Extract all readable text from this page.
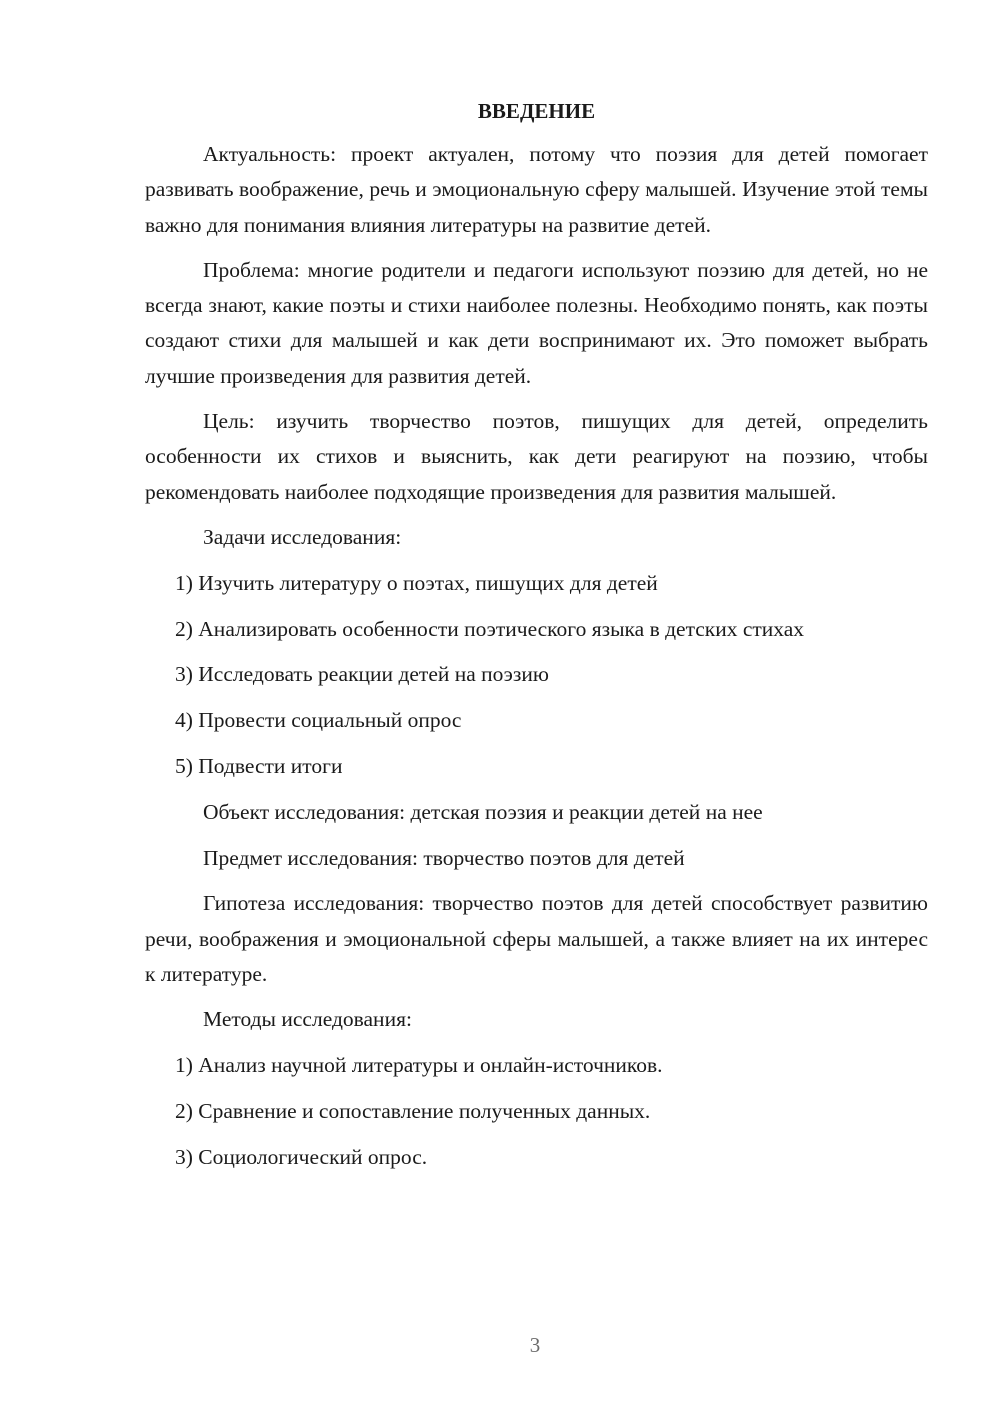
ВВЕДЕНИЕ

Актуальность: проект актуален, потому что поэзия для детей помогает развивать воображение, речь и эмоциональную сферу малышей. Изучение этой темы важно для понимания влияния литературы на развитие детей.

Проблема: многие родители и педагоги используют поэзию для детей, но не всегда знают, какие поэты и стихи наиболее полезны. Необходимо понять, как поэты создают стихи для малышей и как дети воспринимают их. Это поможет выбрать лучшие произведения для развития детей.

Цель: изучить творчество поэтов, пишущих для детей, определить особенности их стихов и выяснить, как дети реагируют на поэзию, чтобы рекомендовать наиболее подходящие произведения для развития малышей.

Задачи исследования:
1) Изучить литературу о поэтах, пишущих для детей
2) Анализировать особенности поэтического языка в детских стихах
3) Исследовать реакции детей на поэзию
4) Провести социальный опрос
5) Подвести итоги
Объект исследования: детская поэзия и реакции детей на нее
Предмет исследования: творчество поэтов для детей

Гипотеза исследования: творчество поэтов для детей способствует развитию речи, воображения и эмоциональной сферы малышей, а также влияет на их интерес к литературе.

Методы исследования:
1) Анализ научной литературы и онлайн-источников.
2) Сравнение и сопоставление полученных данных.
3) Социологический опрос.
3
